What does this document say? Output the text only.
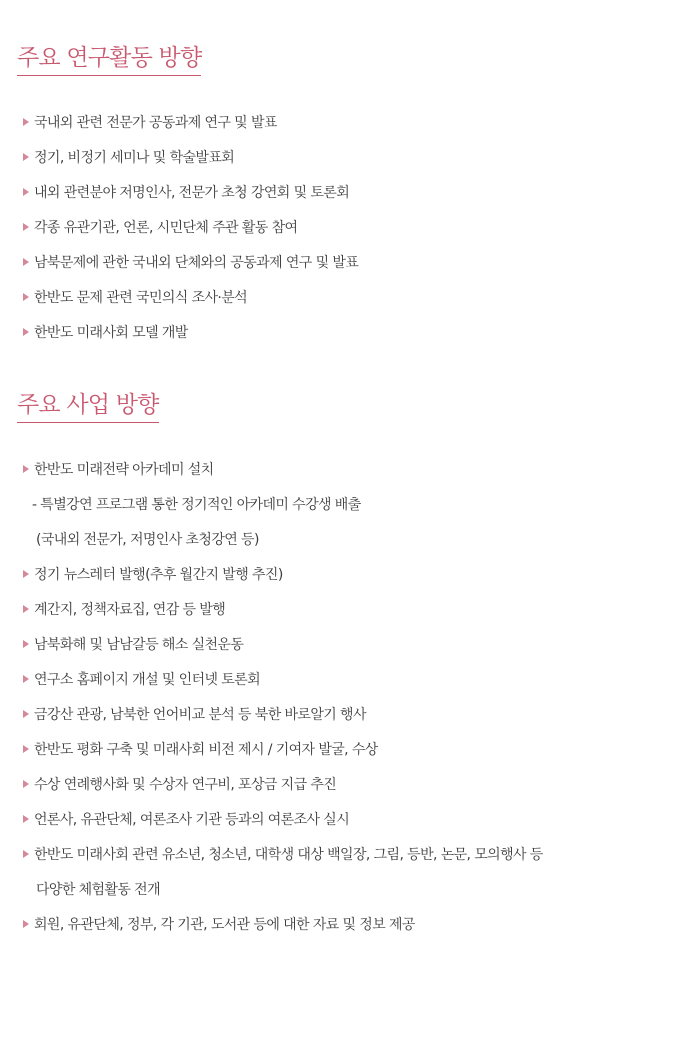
주요 연구활동 방향
국내외 관련 전문가 공동과제 연구 및 발표
정기, 비정기 세미나 및 학술발표회
내외 관련분야 저명인사, 전문가 초청 강연회 및 토론회
각종 유관기관, 언론, 시민단체 주관 활동 참여
남북문제에 관한 국내외 단체와의 공동과제 연구 및 발표
한반도 문제 관련 국민의식 조사·분석
한반도 미래사회 모델 개발
주요 사업 방향
한반도 미래전략 아카데미 설치
- 특별강연 프로그램 통한 정기적인 아카데미 수강생 배출
(국내외 전문가, 저명인사 초청강연 등)
정기 뉴스레터 발행(추후 월간지 발행 추진)
계간지, 정책자료집, 연감 등 발행
남북화해 및 남남갈등 해소 실천운동
연구소 홈페이지 개설 및 인터넷 토론회
금강산 관광, 남북한 언어비교 분석 등 북한 바로알기 행사
한반도 평화 구축 및 미래사회 비전 제시 / 기여자 발굴, 수상
수상 연례행사화 및 수상자 연구비, 포상금 지급 추진
언론사, 유관단체, 여론조사 기관 등과의 여론조사 실시
한반도 미래사회 관련 유소년, 청소년, 대학생 대상 백일장, 그림, 등반, 논문, 모의행사 등
다양한 체험활동 전개
회원, 유관단체, 정부, 각 기관, 도서관 등에 대한 자료 및 정보 제공
